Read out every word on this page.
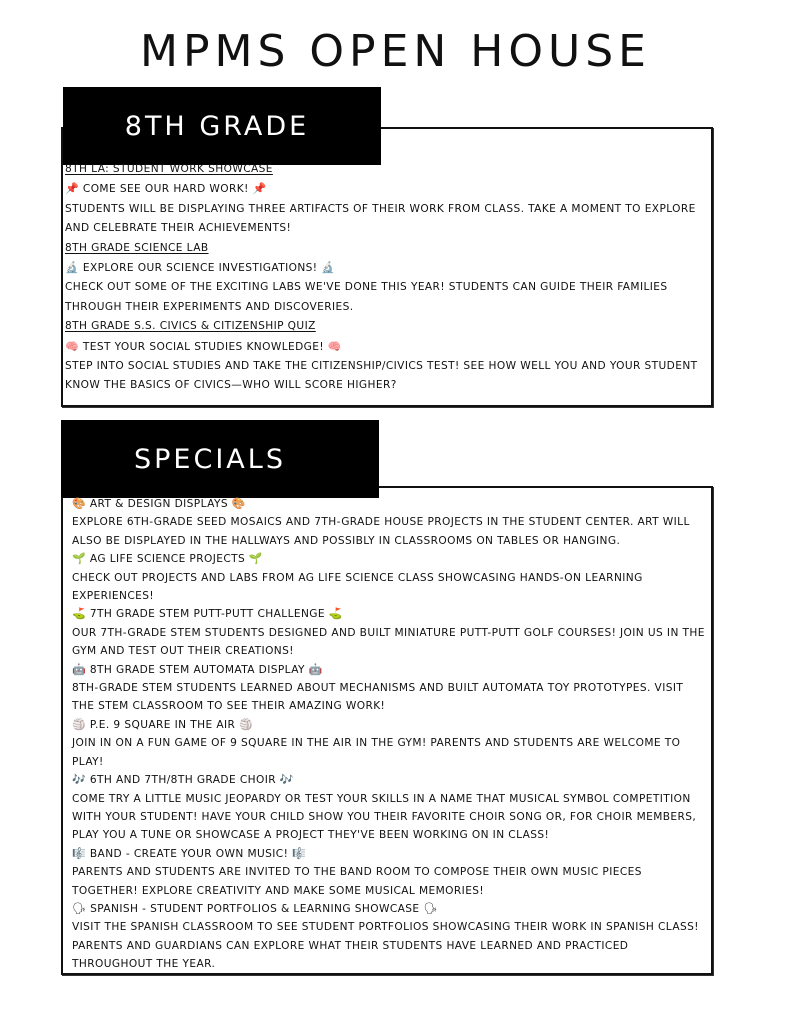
MPMS OPEN HOUSE
8TH GRADE
8TH LA: STUDENT WORK SHOWCASE
📌 COME SEE OUR HARD WORK! 📌
STUDENTS WILL BE DISPLAYING THREE ARTIFACTS OF THEIR WORK FROM CLASS. TAKE A MOMENT TO EXPLORE AND CELEBRATE THEIR ACHIEVEMENTS!
8TH GRADE SCIENCE LAB
🔬 EXPLORE OUR SCIENCE INVESTIGATIONS! 🔬
CHECK OUT SOME OF THE EXCITING LABS WE'VE DONE THIS YEAR! STUDENTS CAN GUIDE THEIR FAMILIES THROUGH THEIR EXPERIMENTS AND DISCOVERIES.
8TH GRADE S.S. CIVICS & CITIZENSHIP QUIZ
🧠 TEST YOUR SOCIAL STUDIES KNOWLEDGE! 🧠
STEP INTO SOCIAL STUDIES AND TAKE THE CITIZENSHIP/CIVICS TEST! SEE HOW WELL YOU AND YOUR STUDENT KNOW THE BASICS OF CIVICS—WHO WILL SCORE HIGHER?
SPECIALS
🎨 ART & DESIGN DISPLAYS 🎨
EXPLORE 6TH-GRADE SEED MOSAICS AND 7TH-GRADE HOUSE PROJECTS IN THE STUDENT CENTER. ART WILL ALSO BE DISPLAYED IN THE HALLWAYS AND POSSIBLY IN CLASSROOMS ON TABLES OR HANGING.
🌱 AG LIFE SCIENCE PROJECTS 🌱
CHECK OUT PROJECTS AND LABS FROM AG LIFE SCIENCE CLASS SHOWCASING HANDS-ON LEARNING EXPERIENCES!
⛳ 7TH GRADE STEM PUTT-PUTT CHALLENGE ⛳
OUR 7TH-GRADE STEM STUDENTS DESIGNED AND BUILT MINIATURE PUTT-PUTT GOLF COURSES! JOIN US IN THE GYM AND TEST OUT THEIR CREATIONS!
🤖 8TH GRADE STEM AUTOMATA DISPLAY 🤖
8TH-GRADE STEM STUDENTS LEARNED ABOUT MECHANISMS AND BUILT AUTOMATA TOY PROTOTYPES. VISIT THE STEM CLASSROOM TO SEE THEIR AMAZING WORK!
🏐 P.E. 9 SQUARE IN THE AIR 🏐
JOIN IN ON A FUN GAME OF 9 SQUARE IN THE AIR IN THE GYM! PARENTS AND STUDENTS ARE WELCOME TO PLAY!
🎶 6TH AND 7TH/8TH GRADE CHOIR 🎶
COME TRY A LITTLE MUSIC JEOPARDY OR TEST YOUR SKILLS IN A NAME THAT MUSICAL SYMBOL COMPETITION WITH YOUR STUDENT! HAVE YOUR CHILD SHOW YOU THEIR FAVORITE CHOIR SONG OR, FOR CHOIR MEMBERS, PLAY YOU A TUNE OR SHOWCASE A PROJECT THEY'VE BEEN WORKING ON IN CLASS!
🎼 BAND - CREATE YOUR OWN MUSIC! 🎼
PARENTS AND STUDENTS ARE INVITED TO THE BAND ROOM TO COMPOSE THEIR OWN MUSIC PIECES TOGETHER! EXPLORE CREATIVITY AND MAKE SOME MUSICAL MEMORIES!
🗣 SPANISH - STUDENT PORTFOLIOS & LEARNING SHOWCASE 🗣
VISIT THE SPANISH CLASSROOM TO SEE STUDENT PORTFOLIOS SHOWCASING THEIR WORK IN SPANISH CLASS! PARENTS AND GUARDIANS CAN EXPLORE WHAT THEIR STUDENTS HAVE LEARNED AND PRACTICED THROUGHOUT THE YEAR.
